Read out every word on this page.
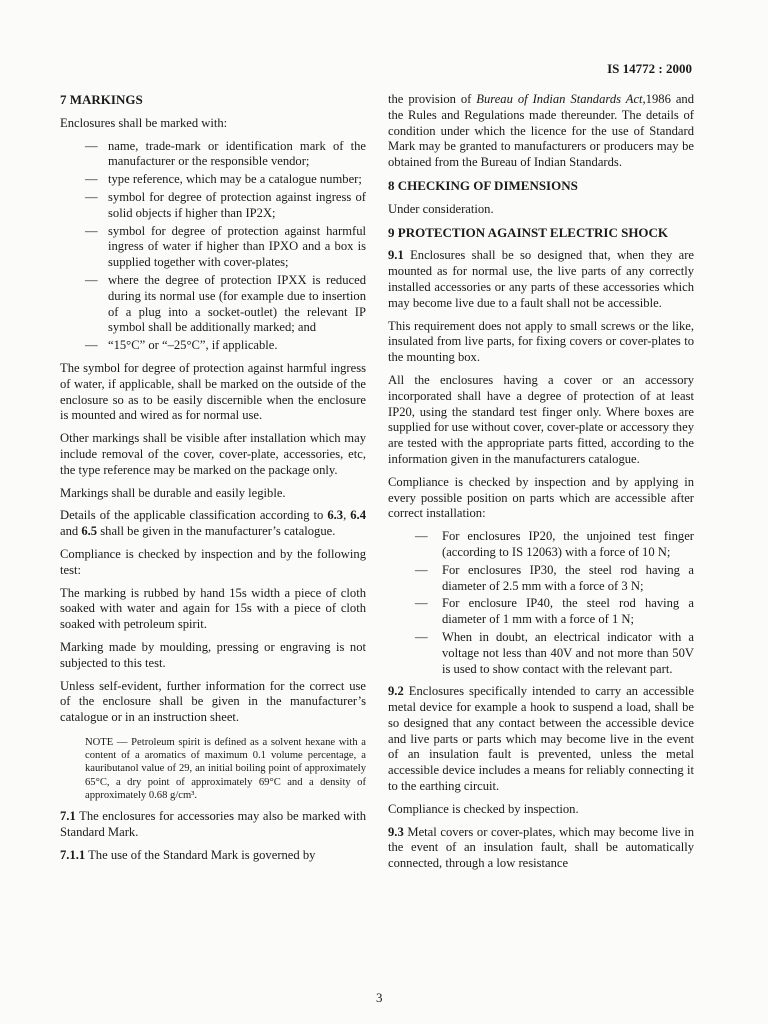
IS 14772 : 2000
7 MARKINGS

Enclosures shall be marked with:

— name, trade-mark or identification mark of the manufacturer or the responsible vendor;
— type reference, which may be a catalogue number;
— symbol for degree of protection against ingress of solid objects if higher than IP2X;
— symbol for degree of protection against harmful ingress of water if higher than IPXO and a box is supplied together with cover-plates;
— where the degree of protection IPXX is reduced during its normal use (for example due to insertion of a plug into a socket-outlet) the relevant IP symbol shall be additionally marked; and
— “15°C” or “–25°C”, if applicable.

The symbol for degree of protection against harmful ingress of water, if applicable, shall be marked on the outside of the enclosure so as to be easily discernible when the enclosure is mounted and wired as for normal use.

Other markings shall be visible after installation which may include removal of the cover, cover-plate, accessories, etc, the type reference may be marked on the package only.

Markings shall be durable and easily legible.

Details of the applicable classification according to 6.3, 6.4 and 6.5 shall be given in the manufacturer’s catalogue.

Compliance is checked by inspection and by the following test:

The marking is rubbed by hand 15s width a piece of cloth soaked with water and again for 15s with a piece of cloth soaked with petroleum spirit.

Marking made by moulding, pressing or engraving is not subjected to this test.

Unless self-evident, further information for the correct use of the enclosure shall be given in the manufacturer’s catalogue or in an instruction sheet.

NOTE — Petroleum spirit is defined as a solvent hexane with a content of a aromatics of maximum 0.1 volume percentage, a kauributanol value of 29, an initial boiling point of approximately 65°C, a dry point of approximately 69°C and a density of approximately 0.68 g/cm³.

7.1 The enclosures for accessories may also be marked with Standard Mark.

7.1.1 The use of the Standard Mark is governed by

the provision of Bureau of Indian Standards Act,1986 and the Rules and Regulations made thereunder. The details of condition under which the licence for the use of Standard Mark may be granted to manufacturers or producers may be obtained from the Bureau of Indian Standards.

8 CHECKING OF DIMENSIONS

Under consideration.

9 PROTECTION AGAINST ELECTRIC SHOCK

9.1 Enclosures shall be so designed that, when they are mounted as for normal use, the live parts of any correctly installed accessories or any parts of these accessories which may become live due to a fault shall not be accessible.

This requirement does not apply to small screws or the like, insulated from live parts, for fixing covers or cover-plates to the mounting box.

All the enclosures having a cover or an accessory incorporated shall have a degree of protection of at least IP20, using the standard test finger only. Where boxes are supplied for use without cover, cover-plate or accessory they are tested with the appropriate parts fitted, according to the information given in the manufacturers catalogue.

Compliance is checked by inspection and by applying in every possible position on parts which are accessible after correct installation:

— For enclosures IP20, the unjoined test finger (according to IS 12063) with a force of 10 N;
— For enclosures IP30, the steel rod having a diameter of 2.5 mm with a force of 3 N;
— For enclosure IP40, the steel rod having a diameter of 1 mm with a force of 1 N;
— When in doubt, an electrical indicator with a voltage not less than 40V and not more than 50V is used to show contact with the relevant part.

9.2 Enclosures specifically intended to carry an accessible metal device for example a hook to suspend a load, shall be so designed that any contact between the accessible device and live parts or parts which may become live in the event of an insulation fault is prevented, unless the metal accessible device includes a means for reliably connecting it to the earthing circuit.

Compliance is checked by inspection.

9.3 Metal covers or cover-plates, which may become live in the event of an insulation fault, shall be automatically connected, through a low resistance

3
